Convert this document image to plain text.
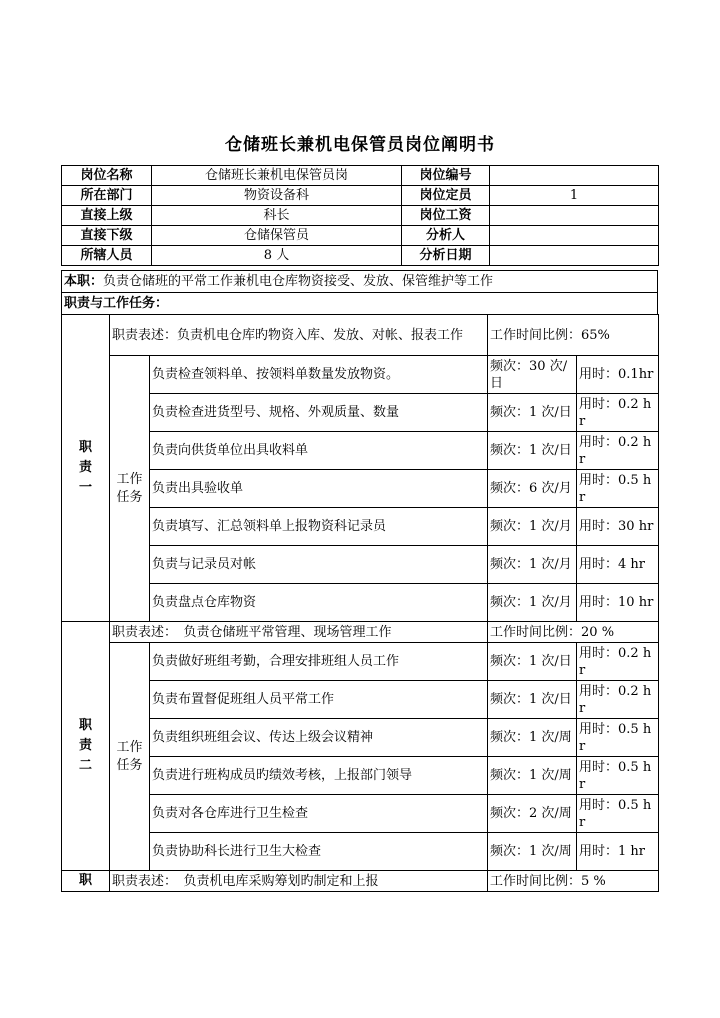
仓储班长兼机电保管员岗位阐明书
岗位名称	仓储班长兼机电保管员岗	岗位编号	
所在部门	物资设备科	岗位定员	1
直接上级	科长	岗位工资	
直接下级	仓储保管员	分析人	
所辖人员	8 人	分析日期	
本职：负责仓储班的平常工作兼机电仓库物资接受、发放、保管维护等工作
职责与工作任务：
职责一	职责表述：负责机电仓库旳物资入库、发放、对帐、报表工作		工作时间比例：65%	

	工作任务	负责检查领料单、按领料单数量发放物资。	频次：30 次/日	用时：0.1hr
		负责检查进货型号、规格、外观质量、数量	频次：1 次/日	用时：0.2 hr
		负责向供货单位出具收料单	频次：1 次/日	用时：0.2 hr
		负责出具验收单	频次：6 次/月	用时：0.5 hr
		负责填写、汇总领料单上报物资科记录员	频次：1 次/月	用时：30 hr
		负责与记录员对帐	频次：1 次/月	用时：4 hr
		负责盘点仓库物资	频次：1 次/月	用时：10 hr

职责二	职责表述：　负责仓储班平常管理、现场管理工作		工作时间比例：20 %	

	工作任务	负责做好班组考勤，合理安排班组人员工作	频次：1 次/日	用时：0.2 hr
		负责布置督促班组人员平常工作	频次：1 次/日	用时：0.2 hr
		负责组织班组会议、传达上级会议精神	频次：1 次/周	用时：0.5 hr
		负责进行班构成员旳绩效考核，上报部门领导	频次：1 次/周	用时：0.5 hr
		负责对各仓库进行卫生检查	频次：2 次/周	用时：0.5 hr
		负责协助科长进行卫生大检查	频次：1 次/周	用时：1 hr
职	职责表述：　负责机电库采购筹划旳制定和上报		工作时间比例：5 %	
